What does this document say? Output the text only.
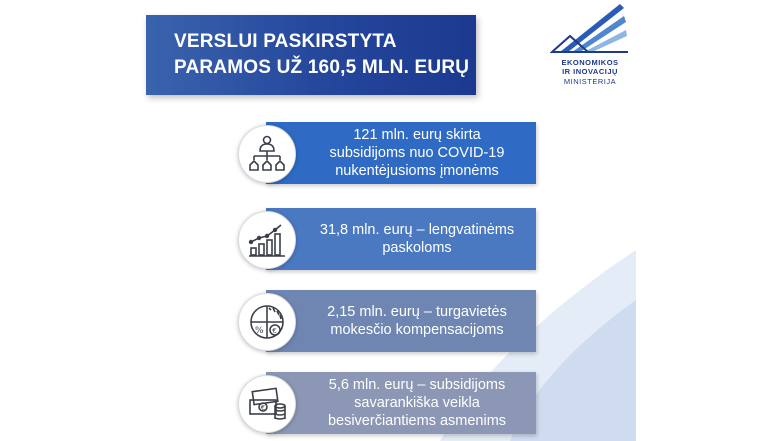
VERSLUI PASKIRSTYTA
PARAMOS UŽ 160,5 MLN. EURŲ	EKONOMIKOS
IR INOVACIJŲ
MINISTERIJA
121 mln. eurų skirta
subsidijoms nuo COVID-19
nukentėjusioms įmonėms
31,8 mln. eurų – lengvatinėms
paskoloms
2,15 mln. eurų – turgavietės
mokesčio kompensacijoms
% €
5,6 mln. eurų – subsidijoms
savarankiška veikla
besiverčiantiems asmenims
€
